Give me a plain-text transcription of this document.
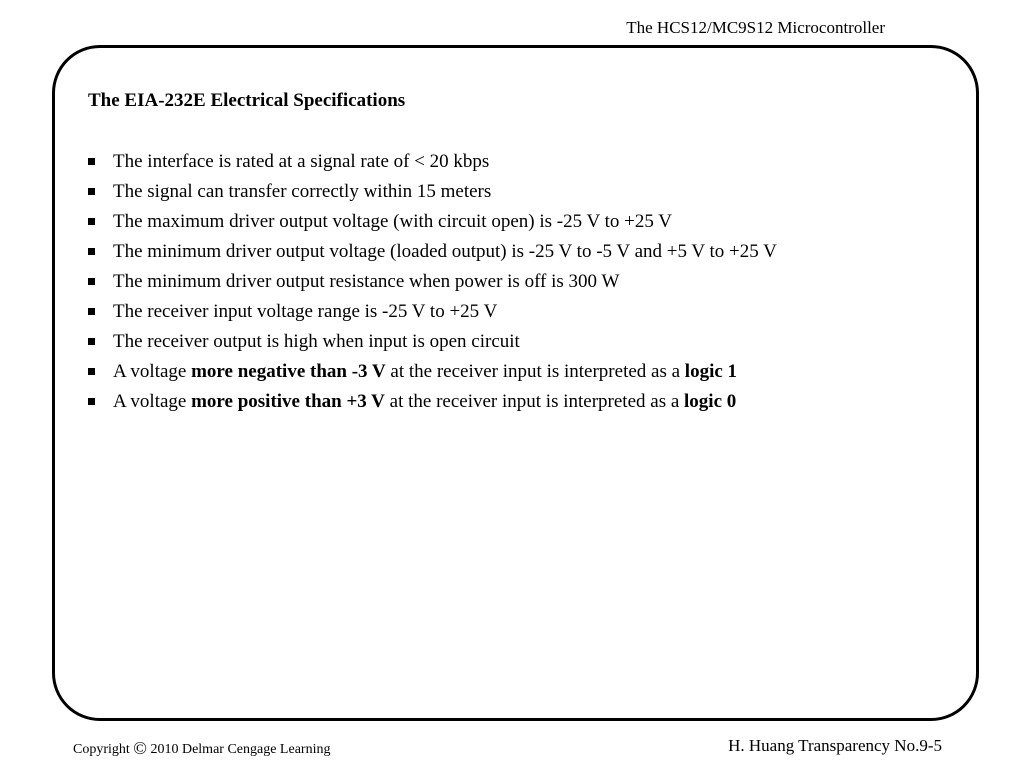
The HCS12/MC9S12 Microcontroller
The EIA-232E Electrical Specifications
The interface is rated at a signal rate of < 20 kbps
The signal can transfer correctly within 15 meters
The maximum driver output voltage (with circuit open) is -25 V to +25 V
The minimum driver output voltage (loaded output) is -25 V to -5 V and +5 V to +25 V
The minimum driver output resistance when power is off is 300 W
The receiver input voltage range is -25 V to +25 V
The receiver output is high when input is open circuit
A voltage more negative than -3 V at the receiver input is interpreted as a logic 1
A voltage more positive than +3 V at the receiver input is interpreted as a logic 0
Copyright © 2010 Delmar Cengage Learning	H. Huang Transparency No.9-5
